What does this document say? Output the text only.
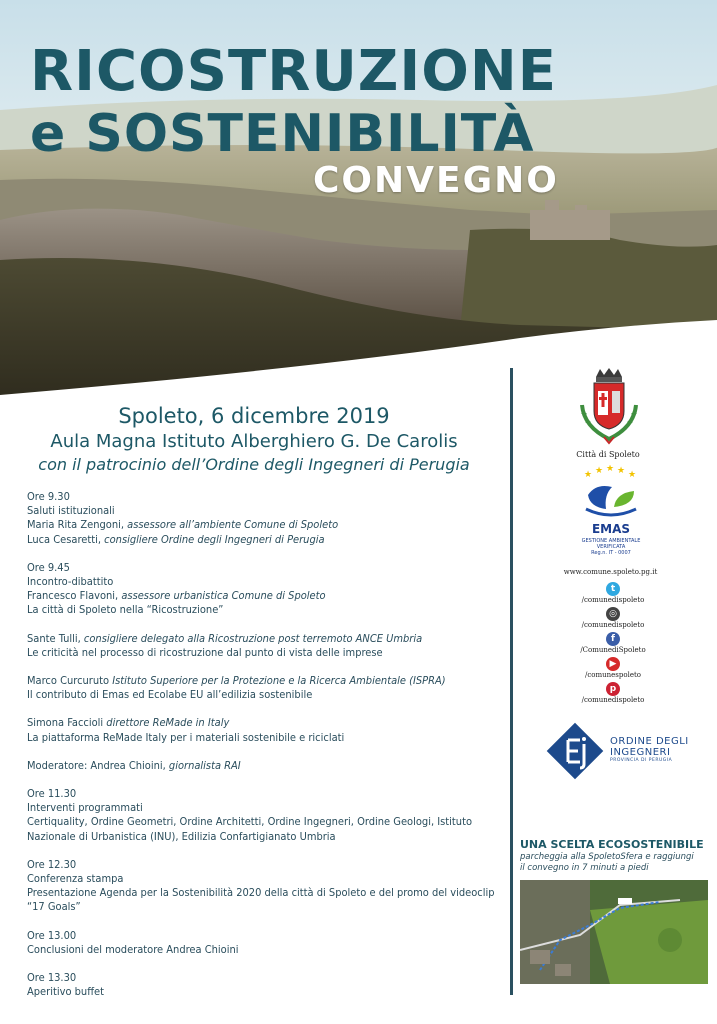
RICOSTRUZIONE
e SOSTENIBILITÀ
CONVEGNO
Spoleto, 6 dicembre 2019
Aula Magna Istituto Alberghiero G. De Carolis
con il patrocinio dell’Ordine degli Ingegneri di Perugia
Ore 9.30
Saluti istituzionali
Maria Rita Zengoni, assessore all’ambiente Comune di Spoleto
Luca Cesaretti, consigliere Ordine degli Ingegneri di Perugia
Ore 9.45
Incontro-dibattito
Francesco Flavoni, assessore urbanistica Comune di Spoleto
La città di Spoleto nella “Ricostruzione”
Sante Tulli, consigliere delegato alla Ricostruzione post terremoto ANCE Umbria
Le criticità nel processo di ricostruzione dal punto di vista delle imprese
Marco Curcuruto Istituto Superiore per la Protezione e la Ricerca Ambientale (ISPRA)
Il contributo di Emas ed Ecolabe EU all’edilizia sostenibile
Simona Faccioli direttore ReMade in Italy
La piattaforma ReMade Italy per i materiali sostenibile e riciclati
Moderatore: Andrea Chioini, giornalista RAI
Ore 11.30
Interventi programmati
Certiquality, Ordine Geometri, Ordine Architetti, Ordine Ingegneri, Ordine Geologi, Istituto Nazionale di Urbanistica (INU), Edilizia Confartigianato Umbria
Ore 12.30
Conferenza stampa
Presentazione Agenda per la Sostenibilità 2020 della città di Spoleto e del promo del videoclip “17 Goals”
Ore 13.00
Conclusioni del moderatore Andrea Chioini
Ore 13.30
Aperitivo buffet
Città di Spoleto
★ ★ ★ ★ ★
EMAS
GESTIONE AMBIENTALE
VERIFICATA
Reg.n. IT - 0007
www.comune.spoleto.pg.it
t
/comunedispoleto
◎
/comunedispoleto
f
/ComunediSpoleto
▶
/comunespoleto
p
/comunedispoleto
ORDINE DEGLI
INGEGNERI
PROVINCIA DI PERUGIA
UNA SCELTA ECOSOSTENIBILE
parcheggia alla SpoletoSfera e raggiungi
il convegno in 7 minuti a piedi
